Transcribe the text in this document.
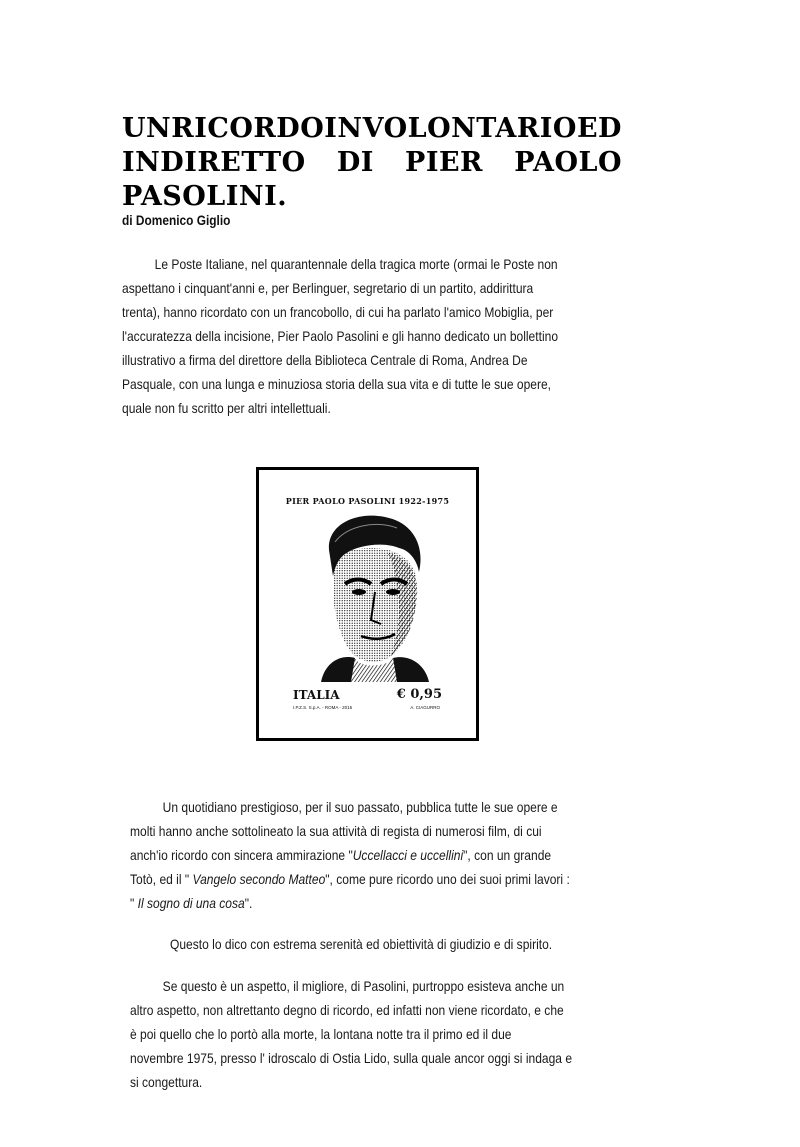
UN RICORDO INVOLONTARIO ED
INDIRETTO DI PIER PAOLO
PASOLINI.
di Domenico Giglio
Le Poste Italiane, nel quarantennale della tragica morte (ormai le Poste non
aspettano i cinquant'anni e, per Berlinguer, segretario di un partito, addirittura
trenta), hanno ricordato con un francobollo, di cui ha parlato l'amico Mobiglia, per
l'accuratezza della incisione, Pier Paolo Pasolini e gli hanno dedicato un bollettino
illustrativo a firma del direttore della Biblioteca Centrale di Roma, Andrea De
Pasquale, con una lunga e minuziosa storia della sua vita e di tutte le sue opere,
quale non fu scritto per altri intellettuali.
PIER PAOLO PASOLINI 1922-1975
ITALIA	€ 0,95
I.P.Z.S. S.p.A. - ROMA - 2015	A. CIAGURRO
Un quotidiano prestigioso, per il suo passato, pubblica tutte le sue opere e
molti hanno anche sottolineato la sua attività di regista di numerosi film, di cui
anch'io ricordo con sincera ammirazione "Uccellacci e uccellini", con un grande
Totò, ed il " Vangelo secondo Matteo", come pure ricordo uno dei suoi primi lavori :
" Il sogno di una cosa".
Questo lo dico con estrema serenità ed obiettività di giudizio e di spirito.
Se questo è un aspetto, il migliore, di Pasolini, purtroppo esisteva anche un
altro aspetto, non altrettanto degno di ricordo, ed infatti non viene ricordato, e che
è poi quello che lo portò alla morte, la lontana notte tra il primo ed il due
novembre 1975, presso l' idroscalo di Ostia Lido, sulla quale ancor oggi si indaga e
si congettura.
